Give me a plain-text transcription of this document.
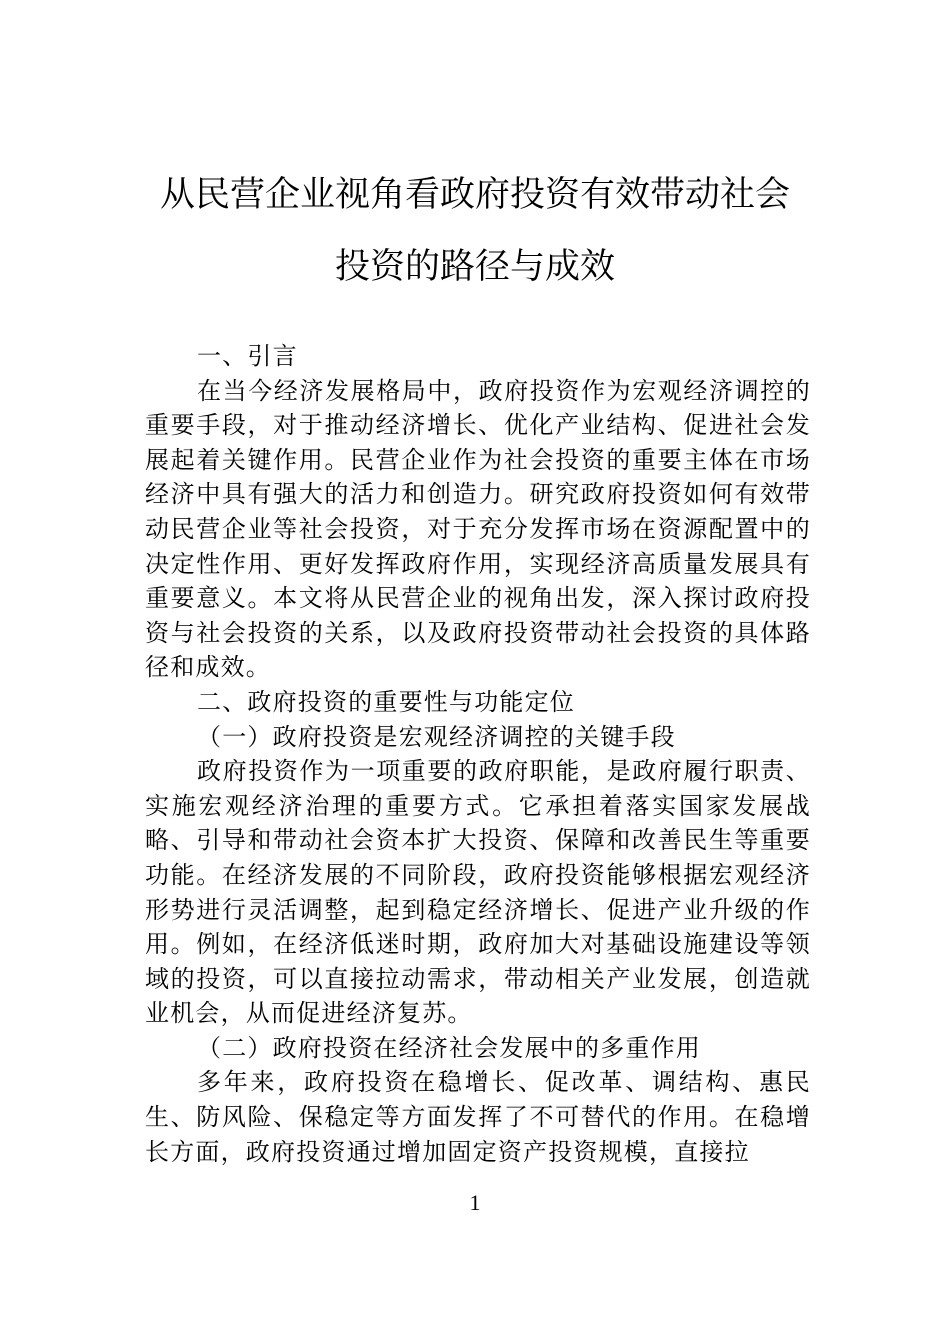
从民营企业视角看政府投资有效带动社会
投资的路径与成效

一、引言

在当今经济发展格局中，政府投资作为宏观经济调控的重要手段，对于推动经济增长、优化产业结构、促进社会发展起着关键作用。民营企业作为社会投资的重要主体在市场经济中具有强大的活力和创造力。研究政府投资如何有效带动民营企业等社会投资，对于充分发挥市场在资源配置中的决定性作用、更好发挥政府作用，实现经济高质量发展具有重要意义。本文将从民营企业的视角出发，深入探讨政府投资与社会投资的关系，以及政府投资带动社会投资的具体路径和成效。

二、政府投资的重要性与功能定位

（一）政府投资是宏观经济调控的关键手段

政府投资作为一项重要的政府职能，是政府履行职责、实施宏观经济治理的重要方式。它承担着落实国家发展战略、引导和带动社会资本扩大投资、保障和改善民生等重要功能。在经济发展的不同阶段，政府投资能够根据宏观经济形势进行灵活调整，起到稳定经济增长、促进产业升级的作用。例如，在经济低迷时期，政府加大对基础设施建设等领域的投资，可以直接拉动需求，带动相关产业发展，创造就业机会，从而促进经济复苏。

（二）政府投资在经济社会发展中的多重作用

多年来，政府投资在稳增长、促改革、调结构、惠民生、防风险、保稳定等方面发挥了不可替代的作用。在稳增长方面，政府投资通过增加固定资产投资规模，直接拉

1
